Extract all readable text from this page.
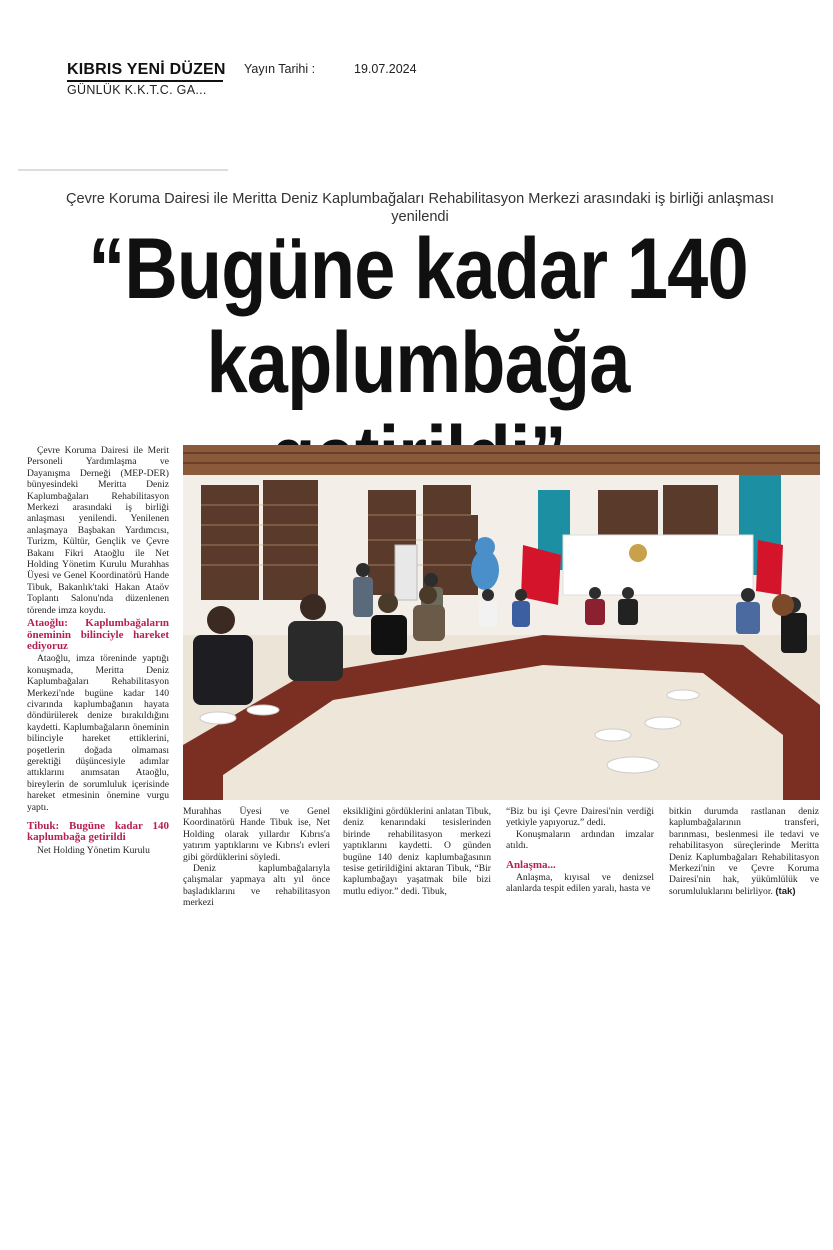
KIBRIS YENİ DÜZEN
GÜNLÜK K.K.T.C. GA...
Yayın Tarihi :	19.07.2024
Çevre Koruma Dairesi ile Meritta Deniz Kaplumbağaları Rehabilitasyon Merkezi arasındaki iş birliği anlaşması yenilendi
“Bugüne kadar 140
kaplumbağa

Çevre Koruma Dairesi ile Merit Personeli Yardımlaşma ve Dayanışma Derneği (MEP-DER) bünyesindeki Meritta Deniz Kaplumbağaları Rehabilitasyon Merkezi arasındaki iş birliği anlaşması yenilendi. Yenilenen anlaşmaya Başbakan Yardımcısı, Turizm, Kültür, Gençlik ve Çevre Bakanı Fikri Ataoğlu ile Net Holding Yönetim Kurulu Murahhas Üyesi ve Genel Koordinatörü Hande Tibuk, Bakanlık'taki Hakan Ataöv Toplantı Salonu'nda düzenlenen törende imza koydu.

Ataoğlu: Kaplumbağaların öneminin bilinciyle hareket ediyoruz

Ataoğlu, imza töreninde yaptığı konuşmada, Meritta Deniz Kaplumbağaları Rehabilitasyon Merkezi'nde bugüne kadar 140 civarında kaplumbağanın hayata döndürülerek denize bırakıldığını kaydetti. Kaplumbağaların öneminin bilinciyle hareket ettiklerini, poşetlerin doğada olmaması gerektiği düşüncesiyle adımlar attıklarını anımsatan Ataoğlu, bireylerin de sorumluluk içerisinde hareket etmesinin önemine vurgu yaptı.

Tibuk: Bugüne kadar 140 kaplumbağa getirildi

Net Holding Yönetim Kurulu

Murahhas Üyesi ve Genel Koordinatörü Hande Tibuk ise, Net Holding olarak yıllardır Kıbrıs'a yatırım yaptıklarını ve Kıbrıs'ı evleri gibi gördüklerini söyledi.

Deniz kaplumbağalarıyla çalışmalar yapmaya altı yıl önce başladıklarını ve rehabilitasyon merkezi

eksikliğini gördüklerini anlatan Tibuk, deniz kenarındaki tesislerinden birinde rehabilitasyon merkezi yaptıklarını kaydetti. O günden bugüne 140 deniz kaplumbağasının tesise getirildiğini aktaran Tibuk, “Bir kaplumbağayı yaşatmak bile bizi mutlu ediyor.” dedi. Tibuk,

“Biz bu işi Çevre Dairesi'nin verdiği yetkiyle yapıyoruz.” dedi.

Konuşmaların ardından imzalar atıldı.

Anlaşma...

Anlaşma, kıyısal ve denizsel alanlarda tespit edilen yaralı, hasta ve

bitkin durumda rastlanan deniz kaplumbağalarının transferi, barınması, beslenmesi ile tedavi ve rehabilitasyon süreçlerinde Meritta Deniz Kaplumbağaları Rehabilitasyon Merkezi'nin ve Çevre Koruma Dairesi'nin hak, yükümlülük ve sorumluluklarını belirliyor. (tak)
